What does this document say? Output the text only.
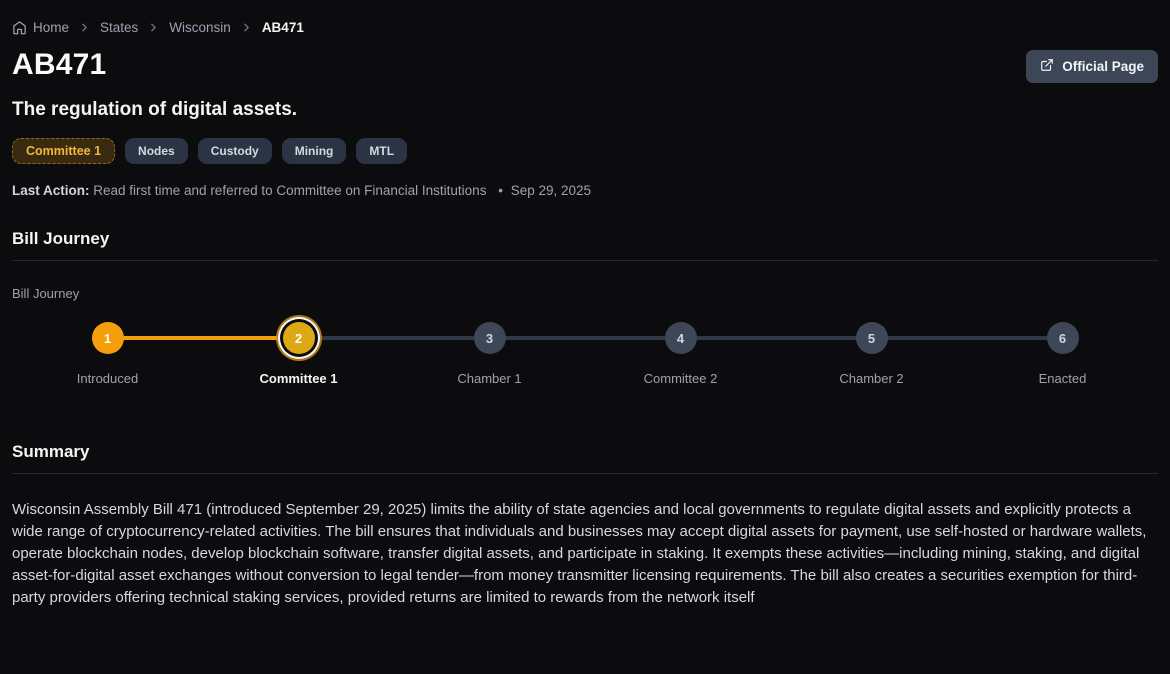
Home States Wisconsin AB471
AB471	Official Page
The regulation of digital assets.
Committee 1	Nodes	Custody	Mining	MTL

Last Action: Read first time and referred to Committee on Financial Institutions • Sep 29, 2025

Bill Journey

Bill Journey

1
Introduced
2
Committee 1
3
Chamber 1
4
Committee 2
5
Chamber 2
6
Enacted
Summary

Wisconsin Assembly Bill 471 (introduced September 29, 2025) limits the ability of state agencies and local governments to regulate digital assets and explicitly protects a wide range of cryptocurrency-related activities. The bill ensures that individuals and businesses may accept digital assets for payment, use self-hosted or hardware wallets, operate blockchain nodes, develop blockchain software, transfer digital assets, and participate in staking. It exempts these activities—including mining, staking, and digital asset-for-digital asset exchanges without conversion to legal tender—from money transmitter licensing requirements. The bill also creates a securities exemption for third-party providers offering technical staking services, provided returns are limited to rewards from the network itself
